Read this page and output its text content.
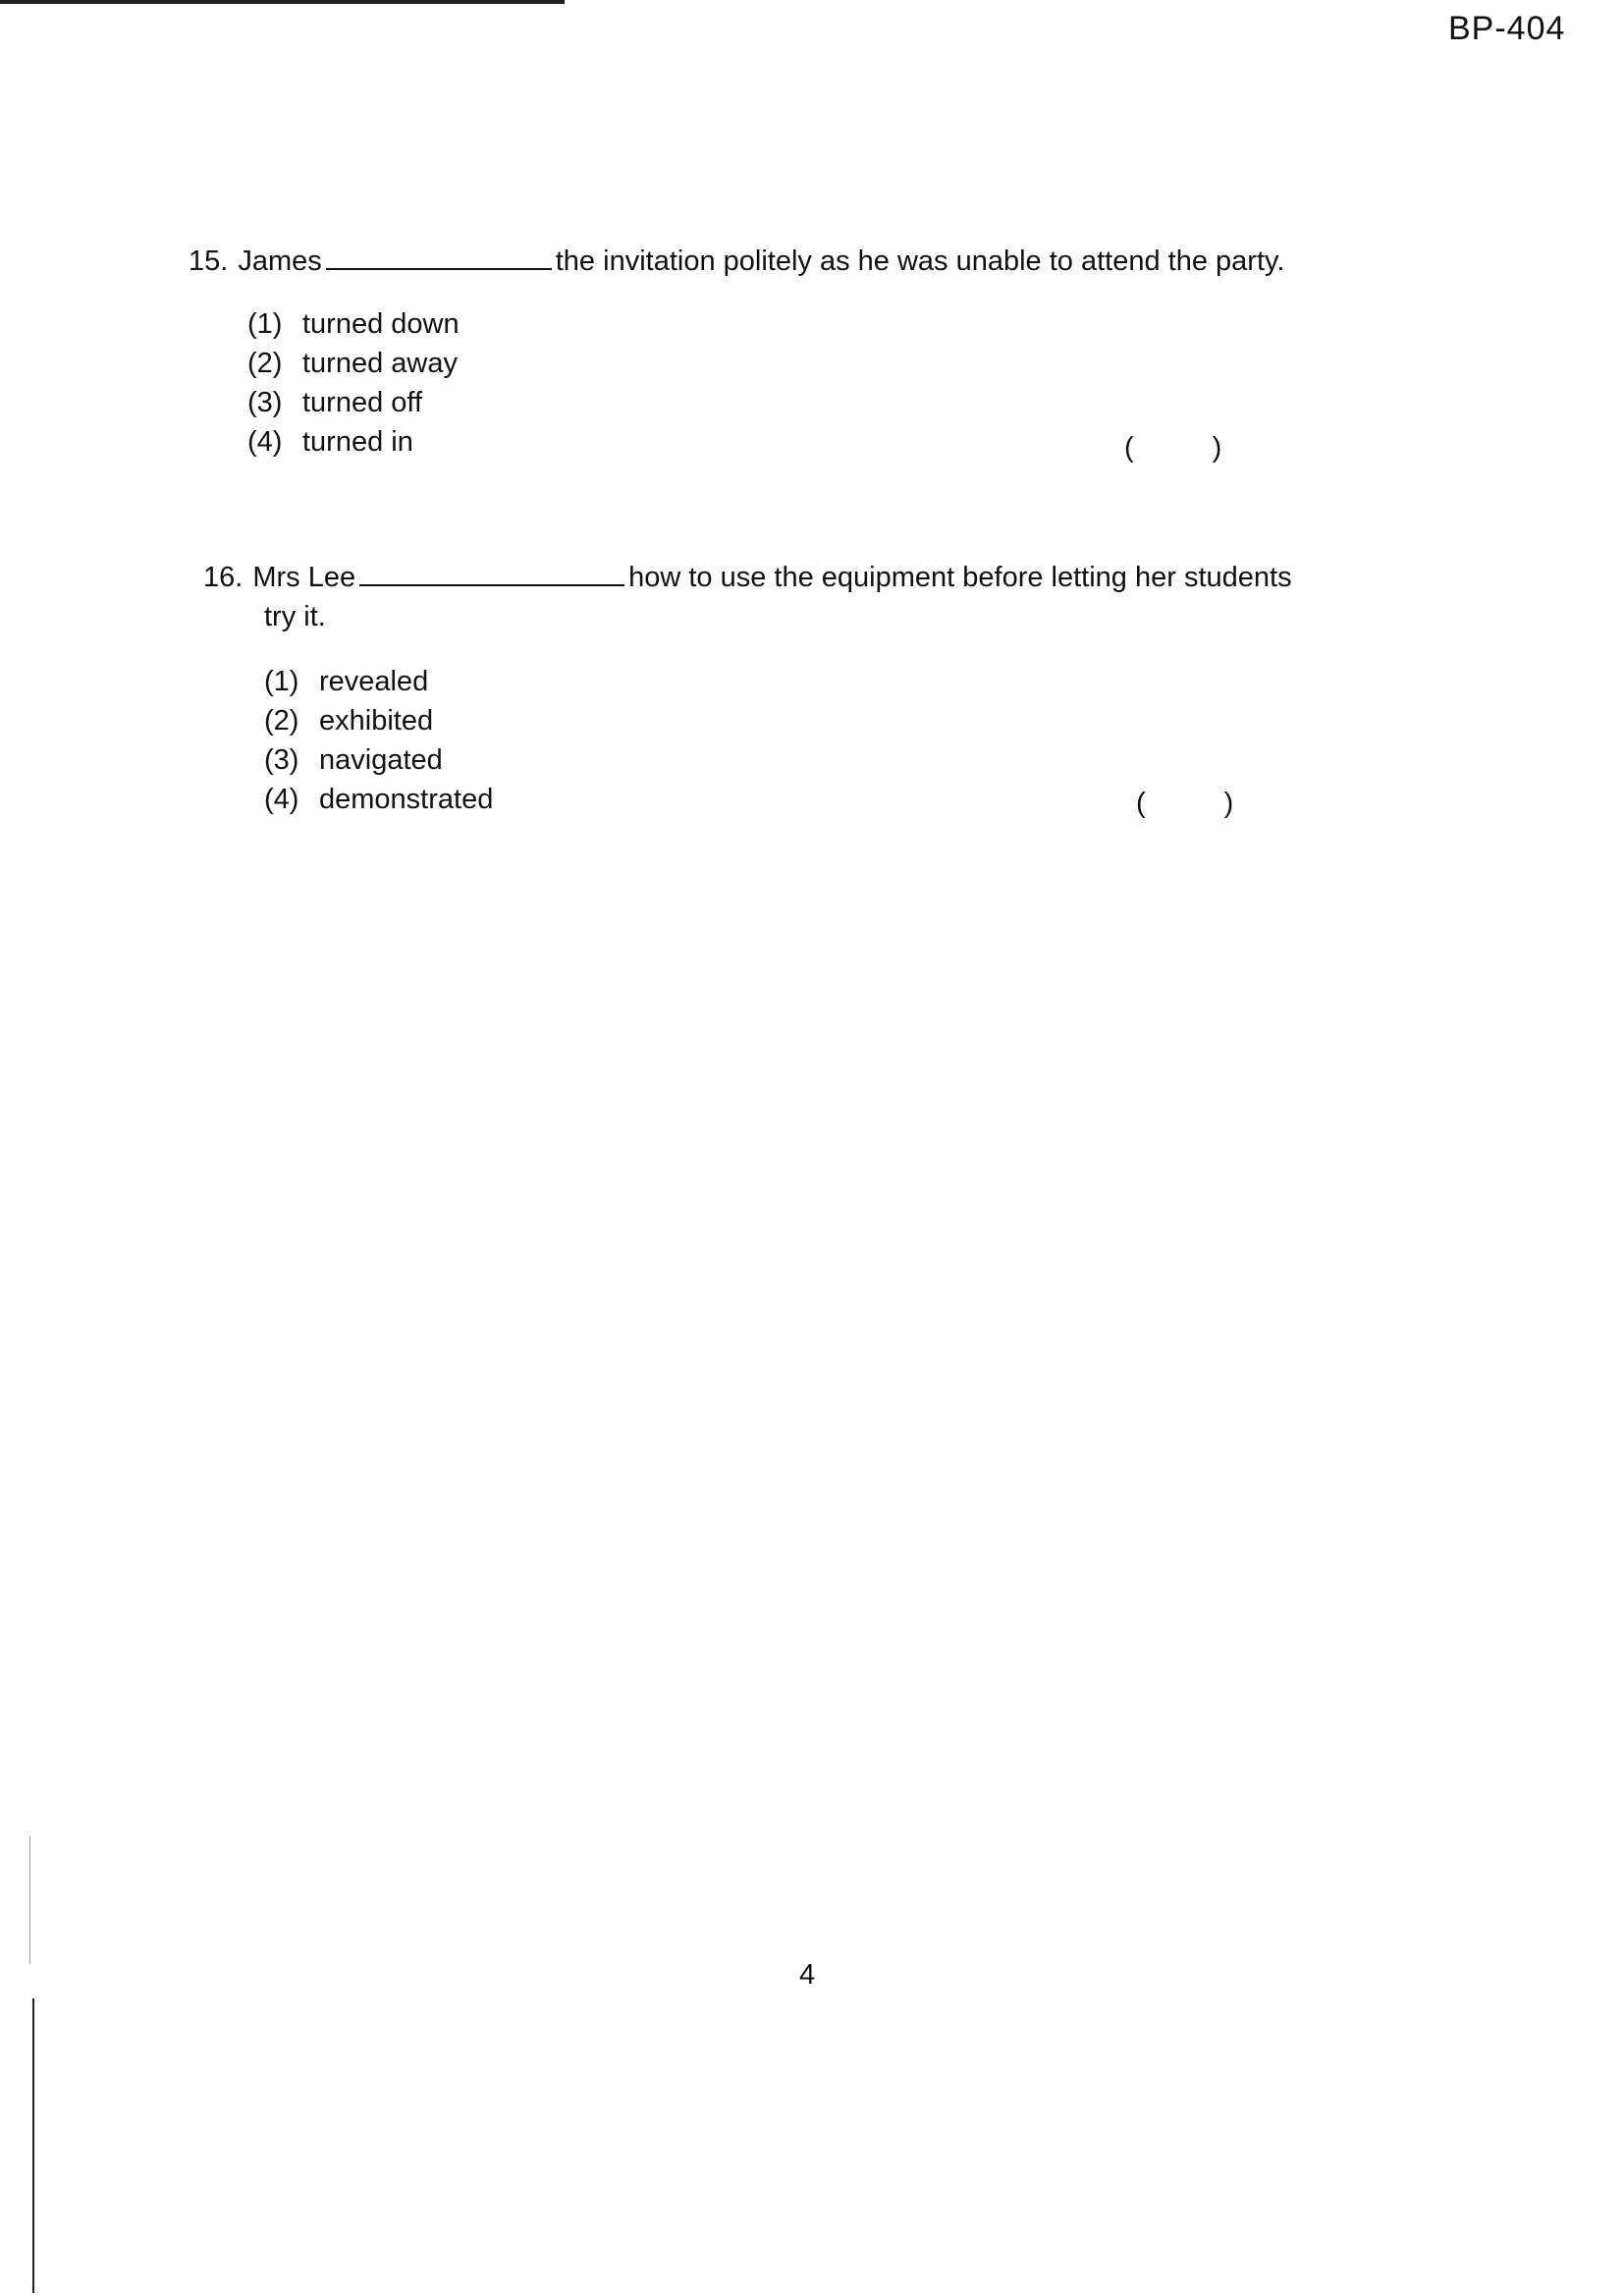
BP-404
15. James	the invitation politely as he was unable to attend the party.
(1) turned down
(2) turned away
(3) turned off
(4) turned in	(	)
16. Mrs Lee	how to use the equipment before letting her students
try it.
(1) revealed
(2) exhibited
(3) navigated
(4) demonstrated	(	)
4
